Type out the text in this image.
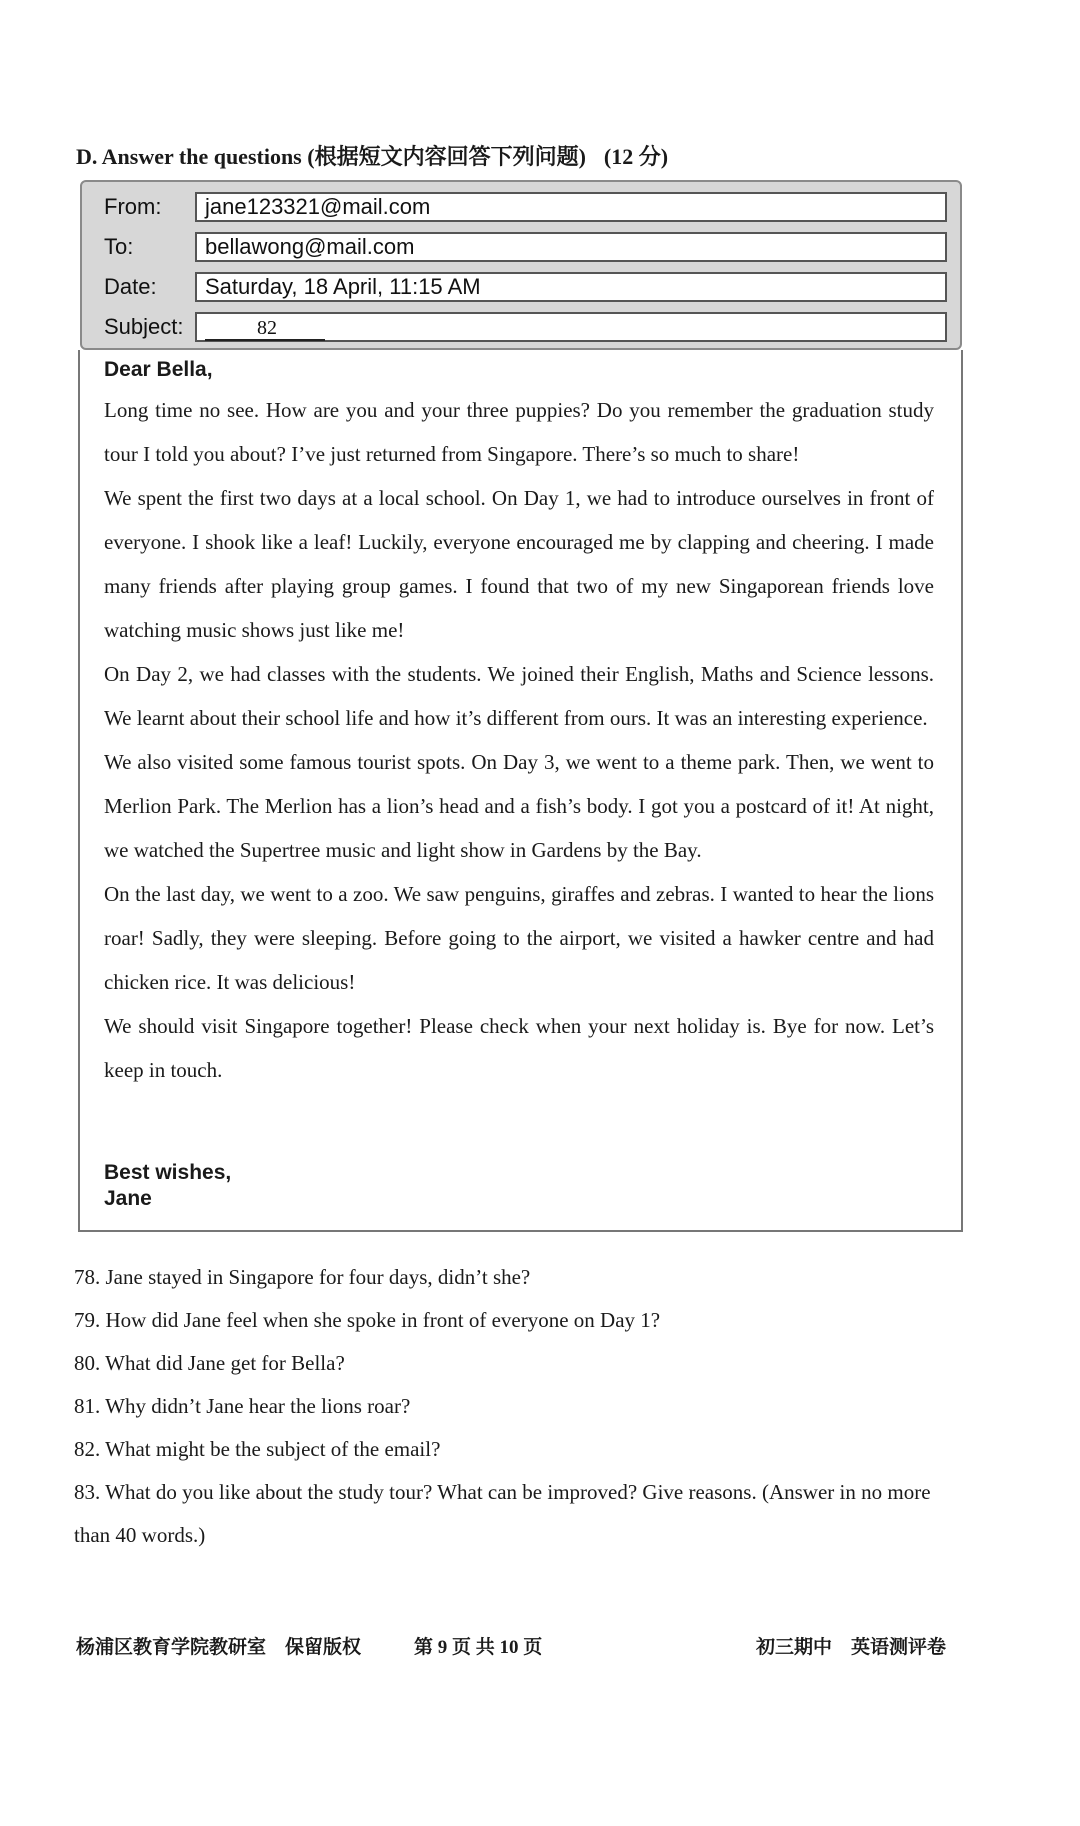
D. Answer the questions (根据短文内容回答下列问题) (12 分)
From:	jane123321@mail.com
To:	bellawong@mail.com
Date:	Saturday, 18 April, 11:15 AM
Subject:	82
Dear Bella,

Long time no see. How are you and your three puppies? Do you remember the graduation study tour I told you about? I’ve just returned from Singapore. There’s so much to share!

We spent the first two days at a local school. On Day 1, we had to introduce ourselves in front of everyone. I shook like a leaf! Luckily, everyone encouraged me by clapping and cheering. I made many friends after playing group games. I found that two of my new Singaporean friends love watching music shows just like me!

On Day 2, we had classes with the students. We joined their English, Maths and Science lessons. We learnt about their school life and how it’s different from ours. It was an interesting experience.

We also visited some famous tourist spots. On Day 3, we went to a theme park. Then, we went to Merlion Park. The Merlion has a lion’s head and a fish’s body. I got you a postcard of it! At night, we watched the Supertree music and light show in Gardens by the Bay.

On the last day, we went to a zoo. We saw penguins, giraffes and zebras. I wanted to hear the lions roar! Sadly, they were sleeping. Before going to the airport, we visited a hawker centre and had chicken rice. It was delicious!

We should visit Singapore together! Please check when your next holiday is. Bye for now. Let’s keep in touch.

Best wishes,
Jane

78. Jane stayed in Singapore for four days, didn’t she?

79. How did Jane feel when she spoke in front of everyone on Day 1?

80. What did Jane get for Bella?

81. Why didn’t Jane hear the lions roar?

82. What might be the subject of the email?

83. What do you like about the study tour? What can be improved? Give reasons. (Answer in no more than 40 words.)

杨浦区教育学院教研室　保留版权	第 9 页 共 10 页	初三期中　英语测评卷
